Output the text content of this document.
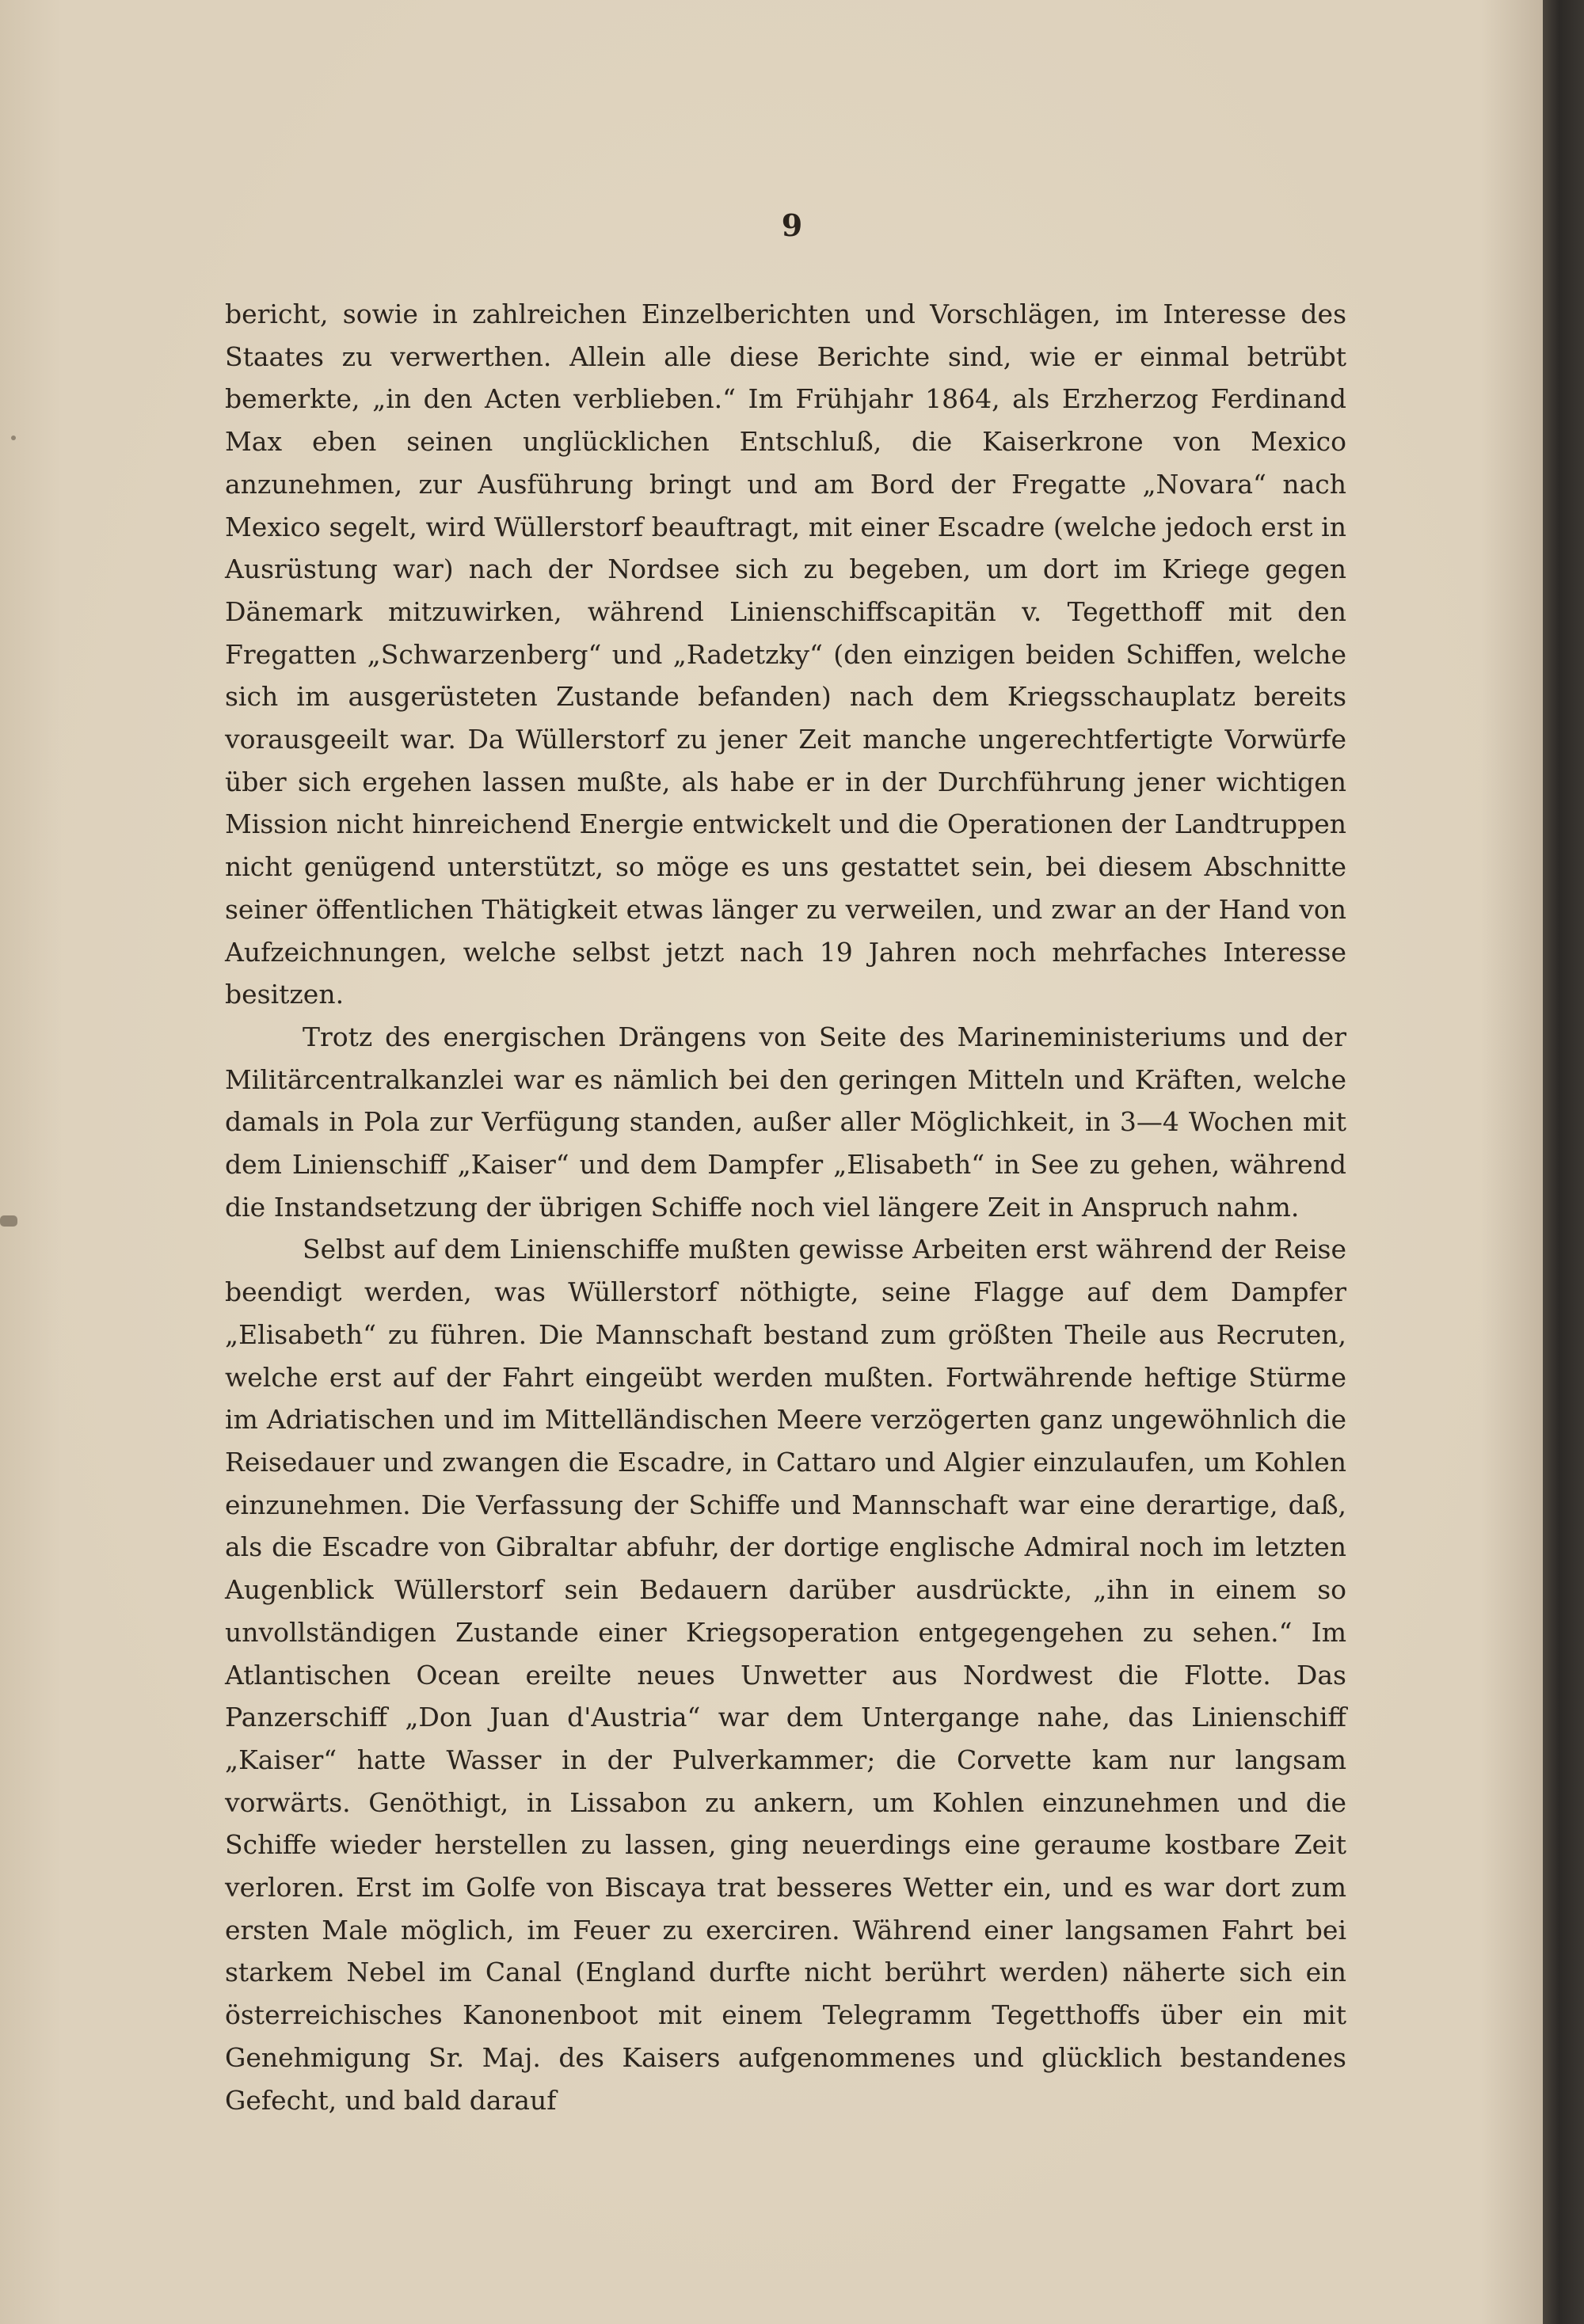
9

bericht, sowie in zahlreichen Einzelberichten und Vorschlägen, im Interesse des Staates zu verwerthen. Allein alle diese Berichte sind, wie er einmal betrübt bemerkte, „in den Acten verblieben.“ Im Frühjahr 1864, als Erzherzog Ferdinand Max eben seinen unglücklichen Entschluß, die Kaiserkrone von Mexico anzunehmen, zur Ausführung bringt und am Bord der Fregatte „Novara“ nach Mexico segelt, wird Wüllerstorf beauftragt, mit einer Escadre (welche jedoch erst in Ausrüstung war) nach der Nordsee sich zu begeben, um dort im Kriege gegen Dänemark mitzuwirken, während Linienschiffscapitän v. Tegetthoff mit den Fregatten „Schwarzenberg“ und „Radetzky“ (den einzigen beiden Schiffen, welche sich im ausgerüsteten Zustande befanden) nach dem Kriegsschauplatz bereits vorausgeeilt war. Da Wüllerstorf zu jener Zeit manche ungerechtfertigte Vorwürfe über sich ergehen lassen mußte, als habe er in der Durchführung jener wichtigen Mission nicht hinreichend Energie entwickelt und die Operationen der Landtruppen nicht genügend unterstützt, so möge es uns gestattet sein, bei diesem Abschnitte seiner öffentlichen Thätigkeit etwas länger zu verweilen, und zwar an der Hand von Aufzeichnungen, welche selbst jetzt nach 19 Jahren noch mehrfaches Interesse besitzen.

Trotz des energischen Drängens von Seite des Marineministeriums und der Militärcentralkanzlei war es nämlich bei den geringen Mitteln und Kräften, welche damals in Pola zur Verfügung standen, außer aller Möglichkeit, in 3—4 Wochen mit dem Linienschiff „Kaiser“ und dem Dampfer „Elisabeth“ in See zu gehen, während die Instandsetzung der übrigen Schiffe noch viel längere Zeit in Anspruch nahm.

Selbst auf dem Linienschiffe mußten gewisse Arbeiten erst während der Reise beendigt werden, was Wüllerstorf nöthigte, seine Flagge auf dem Dampfer „Elisabeth“ zu führen. Die Mannschaft bestand zum größten Theile aus Recruten, welche erst auf der Fahrt eingeübt werden mußten. Fortwährende heftige Stürme im Adriatischen und im Mittelländischen Meere verzögerten ganz ungewöhnlich die Reisedauer und zwangen die Escadre, in Cattaro und Algier einzulaufen, um Kohlen einzunehmen. Die Verfassung der Schiffe und Mannschaft war eine derartige, daß, als die Escadre von Gibraltar abfuhr, der dortige englische Admiral noch im letzten Augenblick Wüllerstorf sein Bedauern darüber ausdrückte, „ihn in einem so unvollständigen Zustande einer Kriegsoperation entgegengehen zu sehen.“ Im Atlantischen Ocean ereilte neues Unwetter aus Nordwest die Flotte. Das Panzerschiff „Don Juan d'Austria“ war dem Untergange nahe, das Linienschiff „Kaiser“ hatte Wasser in der Pulverkammer; die Corvette kam nur langsam vorwärts. Genöthigt, in Lissabon zu ankern, um Kohlen einzunehmen und die Schiffe wieder herstellen zu lassen, ging neuerdings eine geraume kostbare Zeit verloren. Erst im Golfe von Biscaya trat besseres Wetter ein, und es war dort zum ersten Male möglich, im Feuer zu exerciren. Während einer langsamen Fahrt bei starkem Nebel im Canal (England durfte nicht berührt werden) näherte sich ein österreichisches Kanonenboot mit einem Telegramm Tegetthoffs über ein mit Genehmigung Sr. Maj. des Kaisers aufgenommenes und glücklich bestandenes Gefecht, und bald darauf
